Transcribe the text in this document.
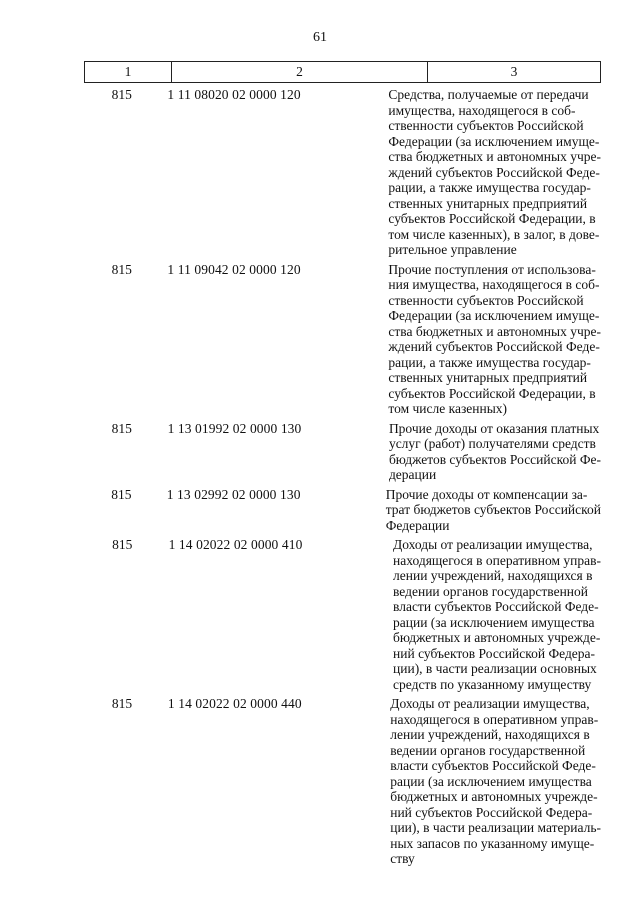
61
1	2	3
815	1 11 08020 02 0000 120	Средства, получаемые от передачи
имущества, находящегося в соб-
ственности субъектов Российской
Федерации (за исключением имуще-
ства бюджетных и автономных учре-
ждений субъектов Российской Феде-
рации, а также имущества государ-
ственных унитарных предприятий
субъектов Российской Федерации, в
том числе казенных), в залог, в дове-
рительное управление
815	1 11 09042 02 0000 120	Прочие поступления от использова-
ния имущества, находящегося в соб-
ственности субъектов Российской
Федерации (за исключением имуще-
ства бюджетных и автономных учре-
ждений субъектов Российской Феде-
рации, а также имущества государ-
ственных унитарных предприятий
субъектов Российской Федерации, в
том числе казенных)
815	1 13 01992 02 0000 130	Прочие доходы от оказания платных
услуг (работ) получателями средств
бюджетов субъектов Российской Фе-
дерации
815	1 13 02992 02 0000 130	Прочие доходы от компенсации за-
трат бюджетов субъектов Российской
Федерации
815	1 14 02022 02 0000 410	Доходы от реализации имущества,
находящегося в оперативном управ-
лении учреждений, находящихся в
ведении органов государственной
власти субъектов Российской Феде-
рации (за исключением имущества
бюджетных и автономных учрежде-
ний субъектов Российской Федера-
ции), в части реализации основных
средств по указанному имуществу
815	1 14 02022 02 0000 440	Доходы от реализации имущества,
находящегося в оперативном управ-
лении учреждений, находящихся в
ведении органов государственной
власти субъектов Российской Феде-
рации (за исключением имущества
бюджетных и автономных учрежде-
ний субъектов Российской Федера-
ции), в части реализации материаль-
ных запасов по указанному имуще-
ству
